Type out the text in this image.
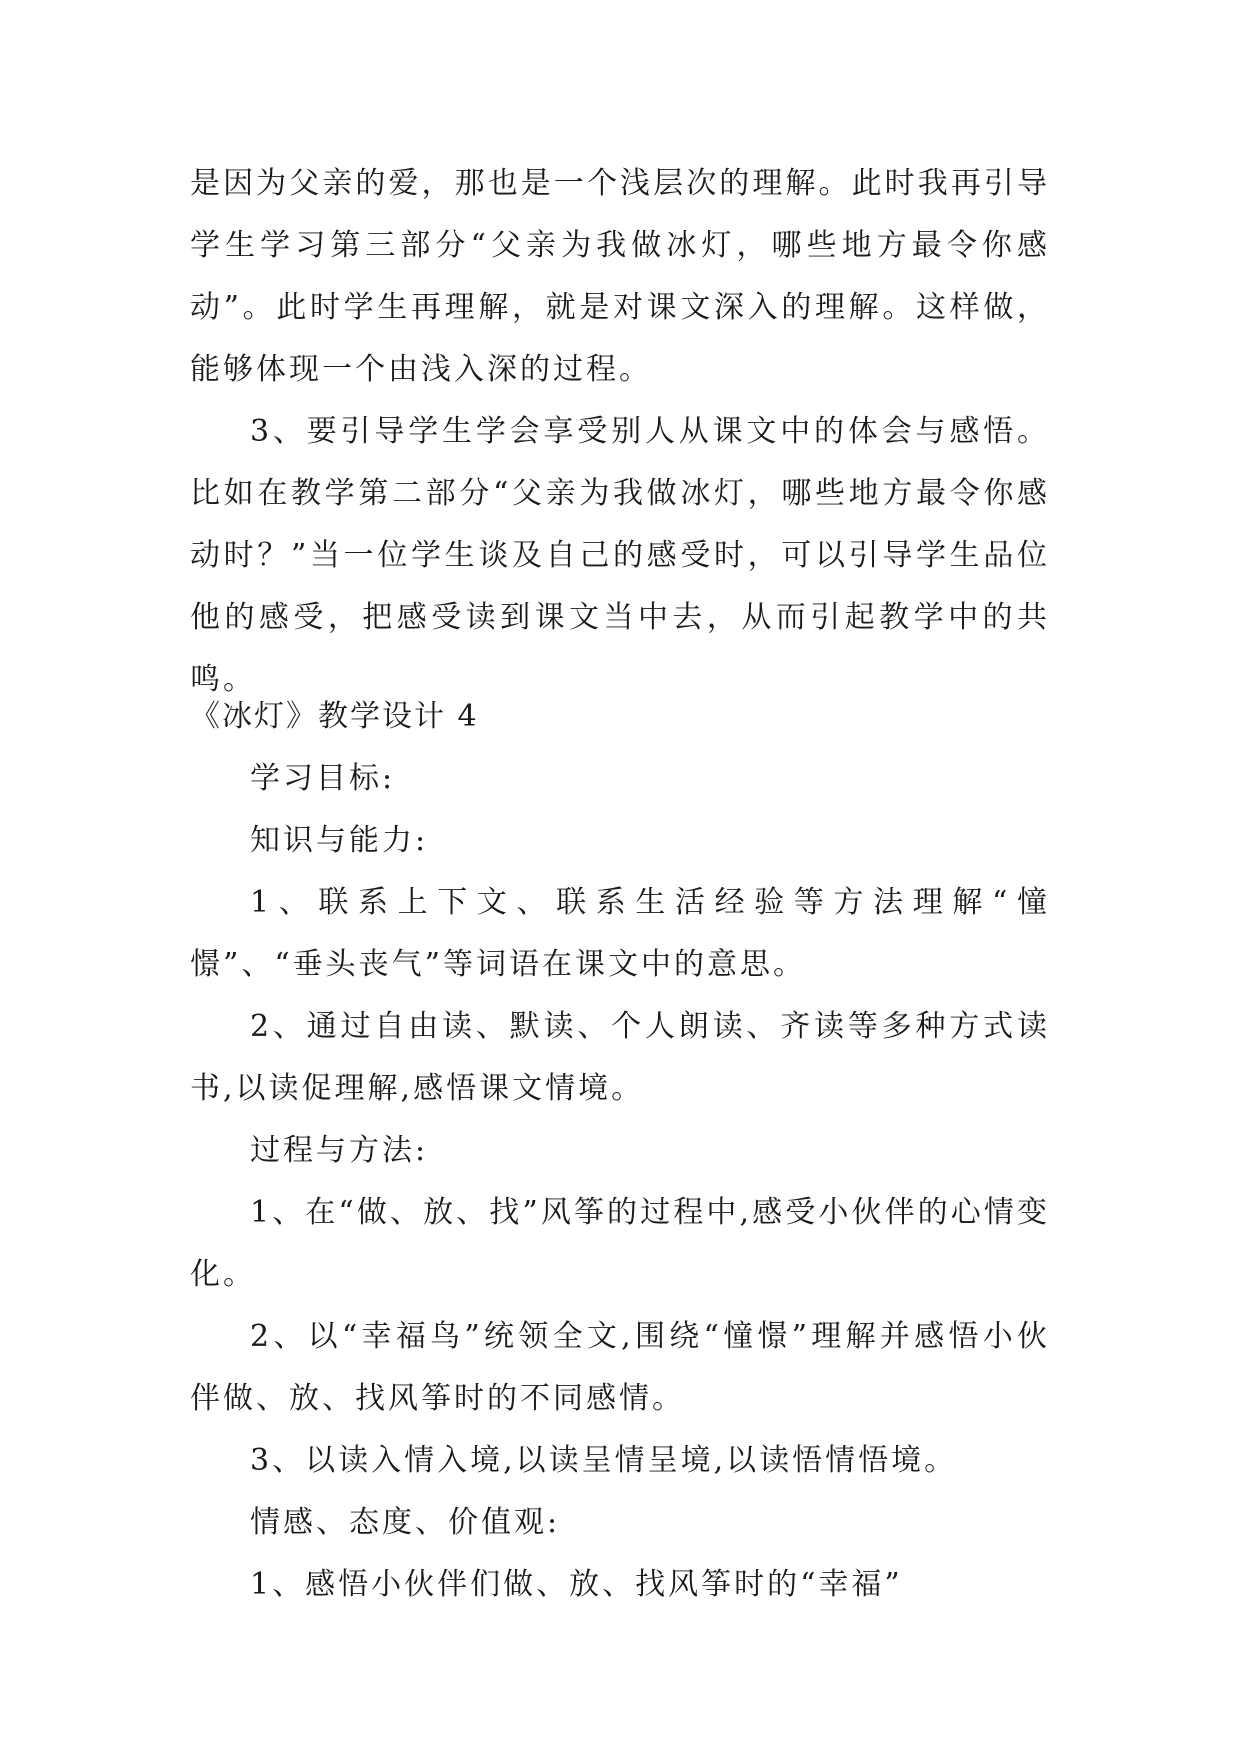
是因为父亲的爱，那也是一个浅层次的理解。此时我再引导学生学习第三部分“父亲为我做冰灯，哪些地方最令你感动”。此时学生再理解，就是对课文深入的理解。这样做，能够体现一个由浅入深的过程。

3、要引导学生学会享受别人从课文中的体会与感悟。比如在教学第二部分“父亲为我做冰灯，哪些地方最令你感动时？”当一位学生谈及自己的感受时，可以引导学生品位他的感受，把感受读到课文当中去，从而引起教学中的共鸣。

《冰灯》教学设计 4

学习目标:

知识与能力:

1、联系上下文、联系生活经验等方法理解“憧憬”、“垂头丧气”等词语在课文中的意思。

2、通过自由读、默读、个人朗读、齐读等多种方式读书,以读促理解,感悟课文情境。

过程与方法:

1、在“做、放、找”风筝的过程中,感受小伙伴的心情变化。

2、以“幸福鸟”统领全文,围绕“憧憬”理解并感悟小伙伴做、放、找风筝时的不同感情。

3、以读入情入境,以读呈情呈境,以读悟情悟境。

情感、态度、价值观:

1、感悟小伙伴们做、放、找风筝时的“幸福”
